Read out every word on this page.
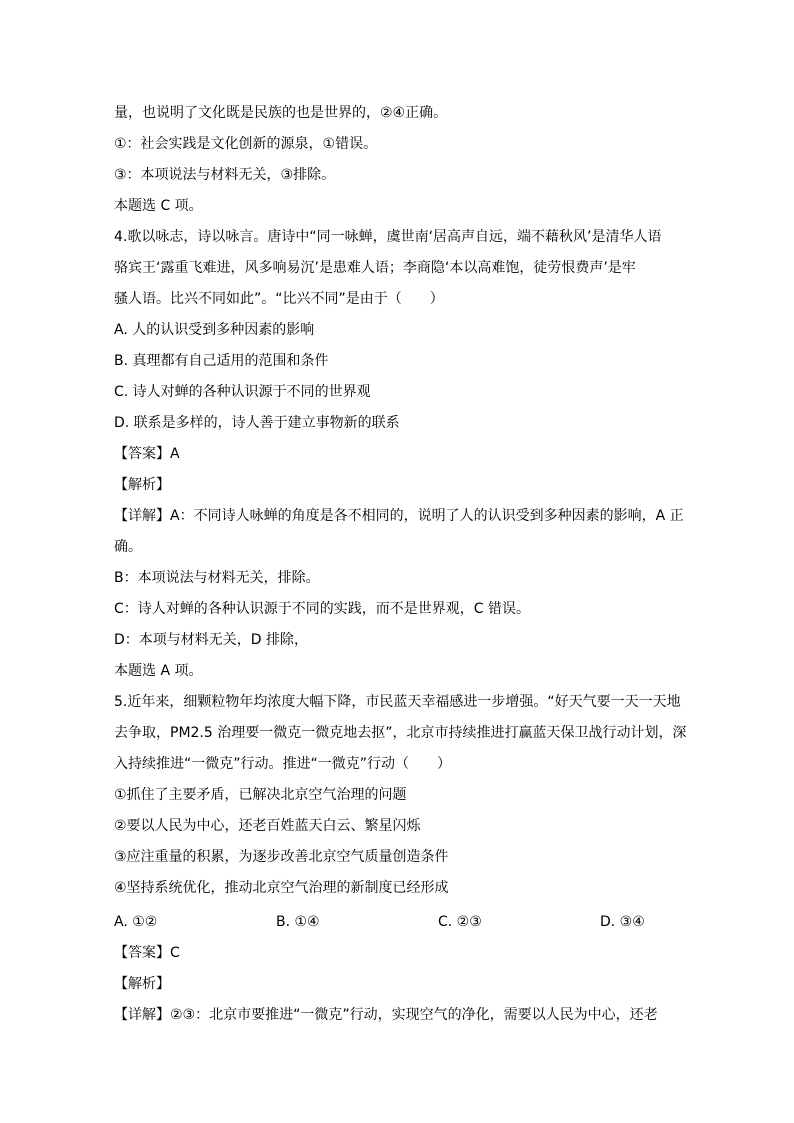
量，也说明了文化既是民族的也是世界的，②④正确。
①：社会实践是文化创新的源泉，①错误。
③：本项说法与材料无关，③排除。
本题选 C 项。
4.歌以咏志，诗以咏言。唐诗中“同一咏蝉，虞世南‘居高声自远，端不藉秋风’是清华人语
骆宾王‘露重飞难进，风多响易沉’是患难人语；李商隐‘本以高难饱，徒劳恨费声’是牢
骚人语。比兴不同如此”。“比兴不同”是由于（　　）
A. 人的认识受到多种因素的影响
B. 真理都有自己适用的范围和条件
C. 诗人对蝉的各种认识源于不同的世界观
D. 联系是多样的，诗人善于建立事物新的联系
【答案】A
【解析】
【详解】A：不同诗人咏蝉的角度是各不相同的，说明了人的认识受到多种因素的影响，A 正
确。
B：本项说法与材料无关，排除。
C：诗人对蝉的各种认识源于不同的实践，而不是世界观，C 错误。
D：本项与材料无关，D 排除，
本题选 A 项。
5.近年来，细颗粒物年均浓度大幅下降，市民蓝天幸福感进一步增强。“好天气要一天一天地
去争取，PM2.5 治理要一微克一微克地去抠”，北京市持续推进打赢蓝天保卫战行动计划，深
入持续推进“一微克”行动。推进“一微克”行动（　　）
①抓住了主要矛盾，已解决北京空气治理的问题
②要以人民为中心，还老百姓蓝天白云、繁星闪烁
③应注重量的积累，为逐步改善北京空气质量创造条件
④坚持系统优化，推动北京空气治理的新制度已经形成
A. ①②	B. ①④	C. ②③	D. ③④
【答案】C
【解析】
【详解】②③：北京市要推进“一微克”行动，实现空气的净化，需要以人民为中心，还老
